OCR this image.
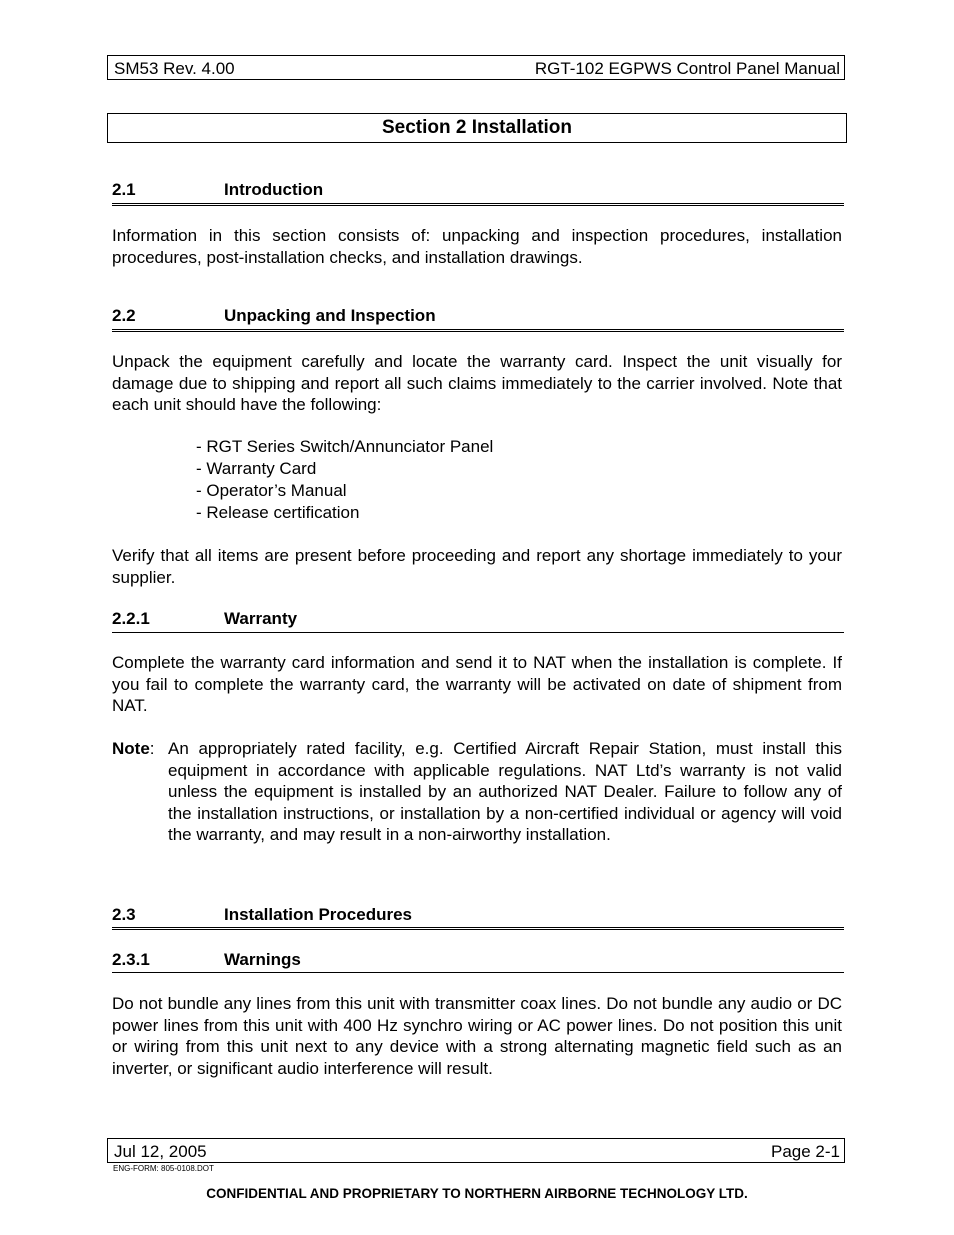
SM53 Rev. 4.00	RGT-102 EGPWS Control Panel Manual
Section 2 Installation
2.1	Introduction

Information in this section consists of: unpacking and inspection procedures, installation procedures, post-installation checks, and installation drawings.

2.2	Unpacking and Inspection

Unpack the equipment carefully and locate the warranty card. Inspect the unit visually for damage due to shipping and report all such claims immediately to the carrier involved. Note that each unit should have the following:

- RGT Series Switch/Annunciator Panel
- Warranty Card
- Operator’s Manual
- Release certification

Verify that all items are present before proceeding and report any shortage immediately to your supplier.

2.2.1	Warranty

Complete the warranty card information and send it to NAT when the installation is complete. If you fail to complete the warranty card, the warranty will be activated on date of shipment from NAT.

Note: An appropriately rated facility, e.g. Certified Aircraft Repair Station, must install this equipment in accordance with applicable regulations. NAT Ltd’s warranty is not valid unless the equipment is installed by an authorized NAT Dealer. Failure to follow any of the installation instructions, or installation by a non-certified individual or agency will void the warranty, and may result in a non-airworthy installation.

2.3	Installation Procedures
2.3.1	Warnings

Do not bundle any lines from this unit with transmitter coax lines. Do not bundle any audio or DC power lines from this unit with 400 Hz synchro wiring or AC power lines. Do not position this unit or wiring from this unit next to any device with a strong alternating magnetic field such as an inverter, or significant audio interference will result.

Jul 12, 2005	Page 2-1
ENG-FORM: 805-0108.DOT
CONFIDENTIAL AND PROPRIETARY TO NORTHERN AIRBORNE TECHNOLOGY LTD.
